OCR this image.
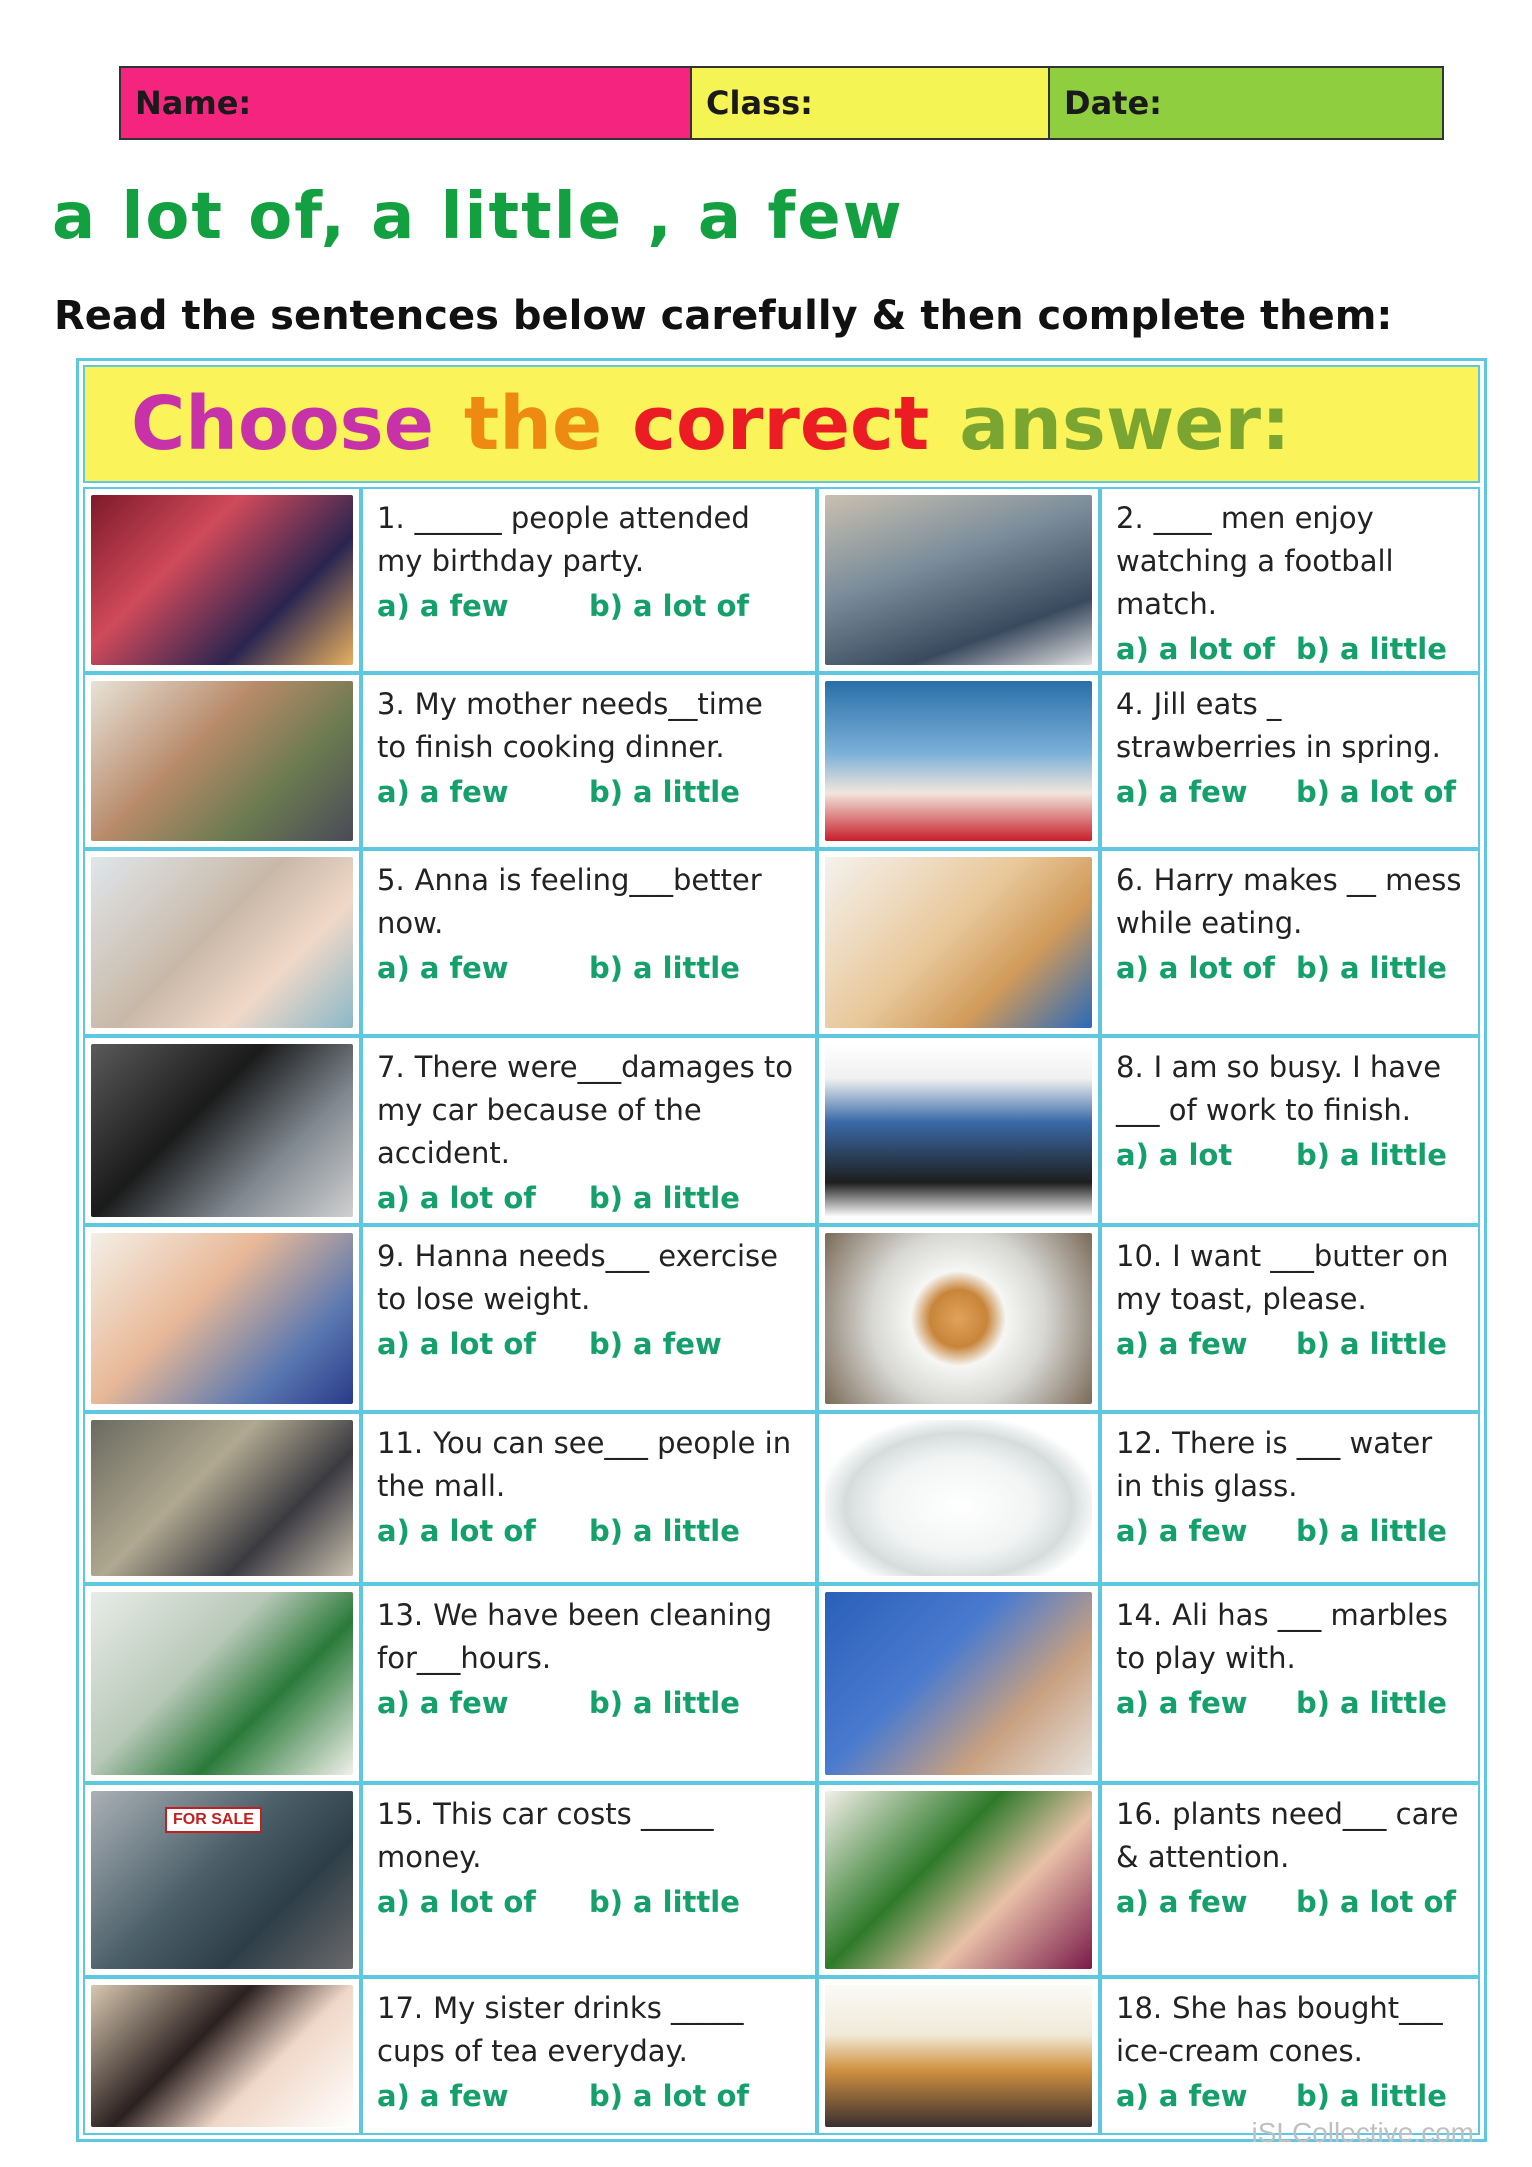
Name:	Class:	Date:
a lot of, a little , a few
Read the sentences below carefully & then complete them:
Choose the correct answer:
1. ______ people attended my birthday party.
a) a few	b) a lot of
2. ____ men enjoy watching a football match.
a) a lot of b) a little
3. My mother needs__time to finish cooking dinner.
a) a few	b) a little
4. Jill eats _ strawberries in spring.
a) a few	b) a lot of
5. Anna is feeling___better now.
a) a few	b) a little
6. Harry makes __ mess while eating.
a) a lot of b) a little
7. There were___damages to my car because of the accident.
a) a lot of	b) a little
8. I am so busy. I have ___ of work to finish.
a) a lot	b) a little
9. Hanna needs___ exercise to lose weight.
a) a lot of	b) a few
10. I want ___butter on my toast, please.
a) a few	b) a little
11. You can see___ people in the mall.
a) a lot of	b) a little
12. There is ___ water in this glass.
a) a few	b) a little
13. We have been cleaning for___hours.
a) a few	b) a little
14. Ali has ___ marbles to play with.
a) a few	b) a little
FOR SALE	15. This car costs _____ money.
a) a lot of	b) a little
16. plants need___ care & attention.
a) a few	b) a lot of
17. My sister drinks _____ cups of tea everyday.
a) a few	b) a lot of
18. She has bought___ ice-cream cones.
a) a few	b) a little
iSLCollective.com
